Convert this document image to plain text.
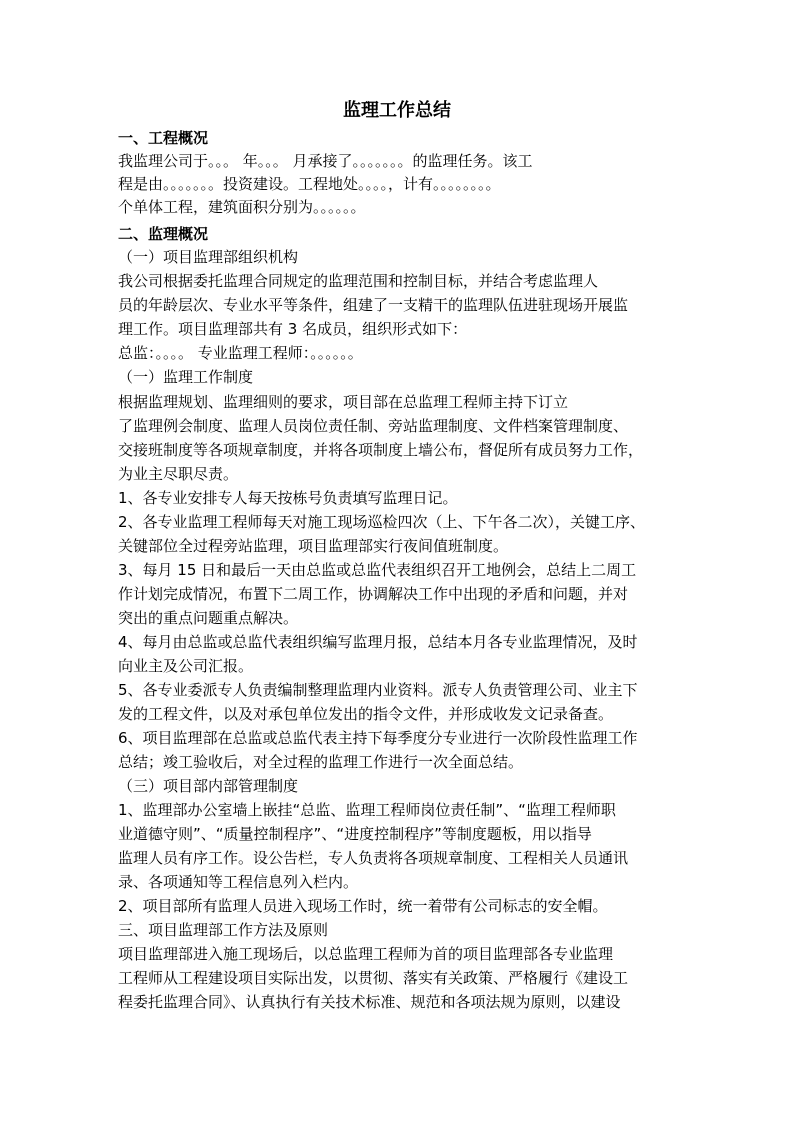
监理工作总结

一、工程概况

我监理公司于。。。 年。。。 月承接了。。。。。。。的监理任务。该工

程是由。。。。。。。投资建设。工程地处。。。。，计有。。。。。。。。

个单体工程，建筑面积分别为。。。。。。

二、监理概况

（一）项目监理部组织机构

我公司根据委托监理合同规定的监理范围和控制目标，并结合考虑监理人

员的年龄层次、专业水平等条件，组建了一支精干的监理队伍进驻现场开展监

理工作。项目监理部共有 3 名成员，组织形式如下：

总监：。。。。 专业监理工程师：。。。。。。

（一）监理工作制度

根据监理规划、监理细则的要求，项目部在总监理工程师主持下订立

了监理例会制度、监理人员岗位责任制、旁站监理制度、文件档案管理制度、

交接班制度等各项规章制度，并将各项制度上墙公布，督促所有成员努力工作，

为业主尽职尽责。

1、各专业安排专人每天按栋号负责填写监理日记。

2、各专业监理工程师每天对施工现场巡检四次（上、下午各二次），关键工序、

关键部位全过程旁站监理，项目监理部实行夜间值班制度。

3、每月 15 日和最后一天由总监或总监代表组织召开工地例会，总结上二周工

作计划完成情况，布置下二周工作，协调解决工作中出现的矛盾和问题，并对

突出的重点问题重点解决。

4、每月由总监或总监代表组织编写监理月报，总结本月各专业监理情况，及时

向业主及公司汇报。

5、各专业委派专人负责编制整理监理内业资料。派专人负责管理公司、业主下

发的工程文件，以及对承包单位发出的指令文件，并形成收发文记录备查。

6、项目监理部在总监或总监代表主持下每季度分专业进行一次阶段性监理工作

总结；竣工验收后，对全过程的监理工作进行一次全面总结。

（三）项目部内部管理制度

1、监理部办公室墙上嵌挂“总监、监理工程师岗位责任制”、“监理工程师职

业道德守则”、“质量控制程序”、“进度控制程序”等制度题板，用以指导

监理人员有序工作。设公告栏，专人负责将各项规章制度、工程相关人员通讯

录、各项通知等工程信息列入栏内。

2、项目部所有监理人员进入现场工作时，统一着带有公司标志的安全帽。

三、项目监理部工作方法及原则

项目监理部进入施工现场后，以总监理工程师为首的项目监理部各专业监理

工程师从工程建设项目实际出发，以贯彻、落实有关政策、严格履行《建设工

程委托监理合同》、认真执行有关技术标准、规范和各项法规为原则，以建设
